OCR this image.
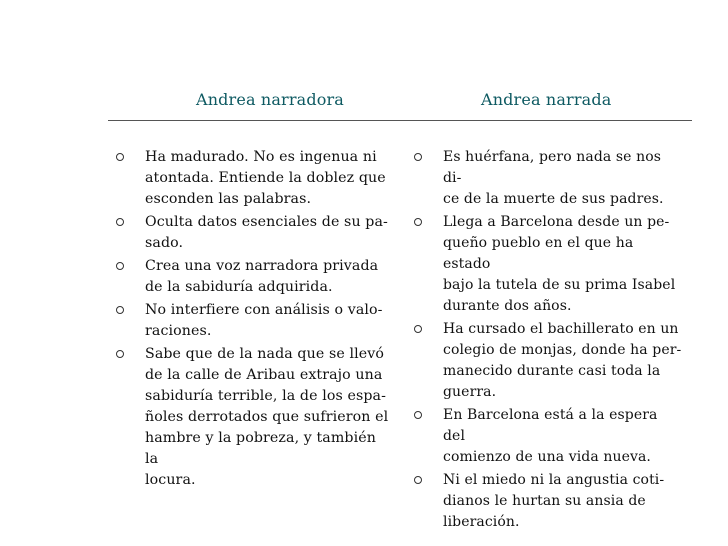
Andrea narradora	Andrea narrada
Ha madurado. No es ingenua ni
atontada. Entiende la doblez que
esconden las palabras.
Oculta datos esenciales de su pa-
sado.
Crea una voz narradora privada
de la sabiduría adquirida.
No interfiere con análisis o valo-
raciones.
Sabe que de la nada que se llevó
de la calle de Aribau extrajo una
sabiduría terrible, la de los espa-
ñoles derrotados que sufrieron el
hambre y la pobreza, y también la
locura.
Es huérfana, pero nada se nos di-
ce de la muerte de sus padres.
Llega a Barcelona desde un pe-
queño pueblo en el que ha estado
bajo la tutela de su prima Isabel
durante dos años.
Ha cursado el bachillerato en un
colegio de monjas, donde ha per-
manecido durante casi toda la
guerra.
En Barcelona está a la espera del
comienzo de una vida nueva.
Ni el miedo ni la angustia coti-
dianos le hurtan su ansia de
liberación.
